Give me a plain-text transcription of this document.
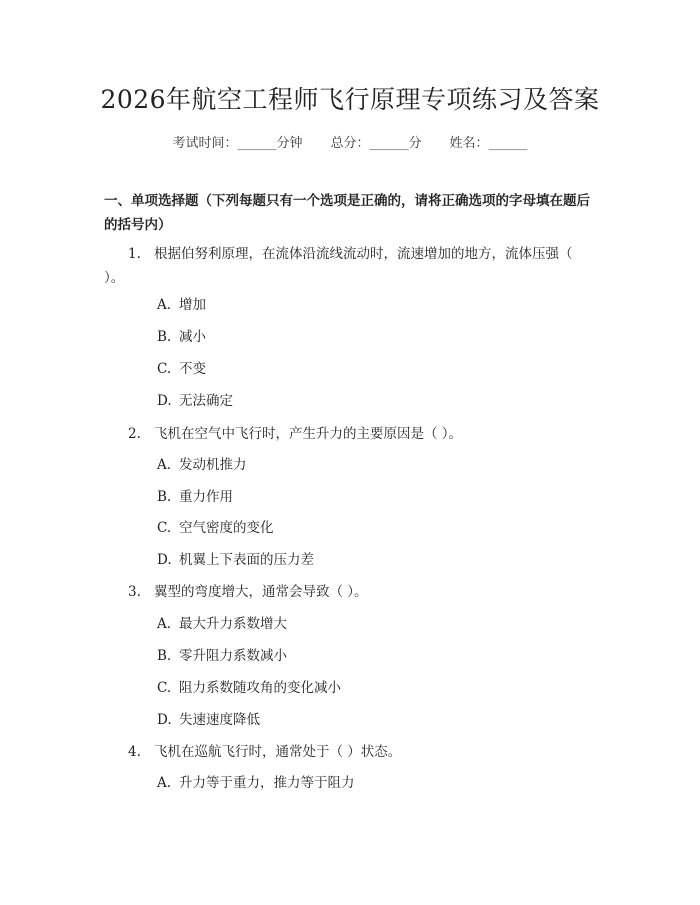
2026年航空工程师飞行原理专项练习及答案
考试时间：______分钟 总分：______分 姓名：______
一、单项选择题（下列每题只有一个选项是正确的，请将正确选项的字母填在题后的括号内）
1. 根据伯努利原理，在流体沿流线流动时，流速增加的地方，流体压强（ ）。
A. 增加
B. 减小
C. 不变
D. 无法确定
2. 飞机在空气中飞行时，产生升力的主要原因是（ ）。
A. 发动机推力
B. 重力作用
C. 空气密度的变化
D. 机翼上下表面的压力差
3. 翼型的弯度增大，通常会导致（ ）。
A. 最大升力系数增大
B. 零升阻力系数减小
C. 阻力系数随攻角的变化减小
D. 失速速度降低
4. 飞机在巡航飞行时，通常处于（ ）状态。
A. 升力等于重力，推力等于阻力
